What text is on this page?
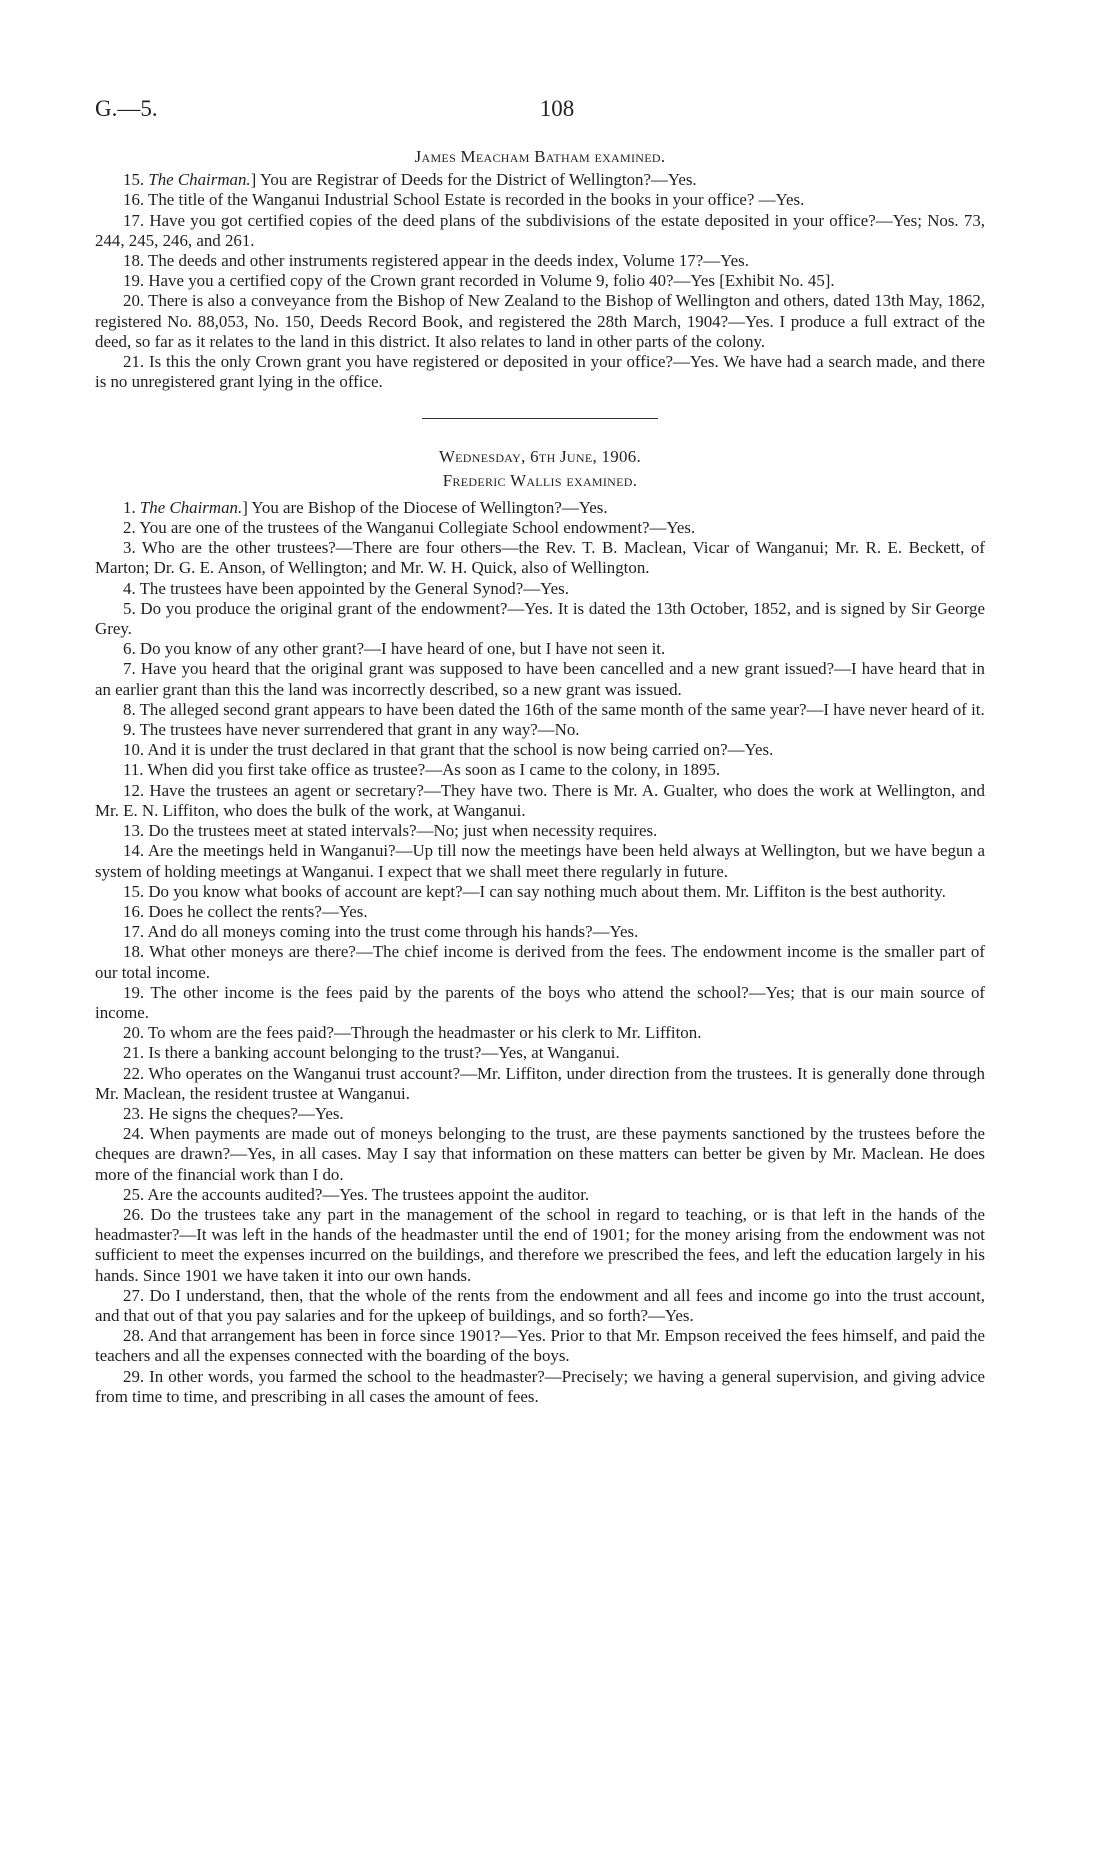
G.—5.	108
James Meacham Batham examined.
15. The Chairman.] You are Registrar of Deeds for the District of Wellington?—Yes.
16. The title of the Wanganui Industrial School Estate is recorded in the books in your office? —Yes.
17. Have you got certified copies of the deed plans of the subdivisions of the estate deposited in your office?—Yes; Nos. 73, 244, 245, 246, and 261.
18. The deeds and other instruments registered appear in the deeds index, Volume 17?—Yes.
19. Have you a certified copy of the Crown grant recorded in Volume 9, folio 40?—Yes [Exhibit No. 45].
20. There is also a conveyance from the Bishop of New Zealand to the Bishop of Wellington and others, dated 13th May, 1862, registered No. 88,053, No. 150, Deeds Record Book, and registered the 28th March, 1904?—Yes. I produce a full extract of the deed, so far as it relates to the land in this district. It also relates to land in other parts of the colony.
21. Is this the only Crown grant you have registered or deposited in your office?—Yes. We have had a search made, and there is no unregistered grant lying in the office.
Wednesday, 6th June, 1906.
Frederic Wallis examined.
1. The Chairman.] You are Bishop of the Diocese of Wellington?—Yes.
2. You are one of the trustees of the Wanganui Collegiate School endowment?—Yes.
3. Who are the other trustees?—There are four others—the Rev. T. B. Maclean, Vicar of Wanganui; Mr. R. E. Beckett, of Marton; Dr. G. E. Anson, of Wellington; and Mr. W. H. Quick, also of Wellington.
4. The trustees have been appointed by the General Synod?—Yes.
5. Do you produce the original grant of the endowment?—Yes. It is dated the 13th October, 1852, and is signed by Sir George Grey.
6. Do you know of any other grant?—I have heard of one, but I have not seen it.
7. Have you heard that the original grant was supposed to have been cancelled and a new grant issued?—I have heard that in an earlier grant than this the land was incorrectly described, so a new grant was issued.
8. The alleged second grant appears to have been dated the 16th of the same month of the same year?—I have never heard of it.
9. The trustees have never surrendered that grant in any way?—No.
10. And it is under the trust declared in that grant that the school is now being carried on?—Yes.
11. When did you first take office as trustee?—As soon as I came to the colony, in 1895.
12. Have the trustees an agent or secretary?—They have two. There is Mr. A. Gualter, who does the work at Wellington, and Mr. E. N. Liffiton, who does the bulk of the work, at Wanganui.
13. Do the trustees meet at stated intervals?—No; just when necessity requires.
14. Are the meetings held in Wanganui?—Up till now the meetings have been held always at Wellington, but we have begun a system of holding meetings at Wanganui. I expect that we shall meet there regularly in future.
15. Do you know what books of account are kept?—I can say nothing much about them. Mr. Liffiton is the best authority.
16. Does he collect the rents?—Yes.
17. And do all moneys coming into the trust come through his hands?—Yes.
18. What other moneys are there?—The chief income is derived from the fees. The endowment income is the smaller part of our total income.
19. The other income is the fees paid by the parents of the boys who attend the school?—Yes; that is our main source of income.
20. To whom are the fees paid?—Through the headmaster or his clerk to Mr. Liffiton.
21. Is there a banking account belonging to the trust?—Yes, at Wanganui.
22. Who operates on the Wanganui trust account?—Mr. Liffiton, under direction from the trustees. It is generally done through Mr. Maclean, the resident trustee at Wanganui.
23. He signs the cheques?—Yes.
24. When payments are made out of moneys belonging to the trust, are these payments sanctioned by the trustees before the cheques are drawn?—Yes, in all cases. May I say that information on these matters can better be given by Mr. Maclean. He does more of the financial work than I do.
25. Are the accounts audited?—Yes. The trustees appoint the auditor.
26. Do the trustees take any part in the management of the school in regard to teaching, or is that left in the hands of the headmaster?—It was left in the hands of the headmaster until the end of 1901; for the money arising from the endowment was not sufficient to meet the expenses incurred on the buildings, and therefore we prescribed the fees, and left the education largely in his hands. Since 1901 we have taken it into our own hands.
27. Do I understand, then, that the whole of the rents from the endowment and all fees and income go into the trust account, and that out of that you pay salaries and for the upkeep of buildings, and so forth?—Yes.
28. And that arrangement has been in force since 1901?—Yes. Prior to that Mr. Empson received the fees himself, and paid the teachers and all the expenses connected with the boarding of the boys.
29. In other words, you farmed the school to the headmaster?—Precisely; we having a general supervision, and giving advice from time to time, and prescribing in all cases the amount of fees.
